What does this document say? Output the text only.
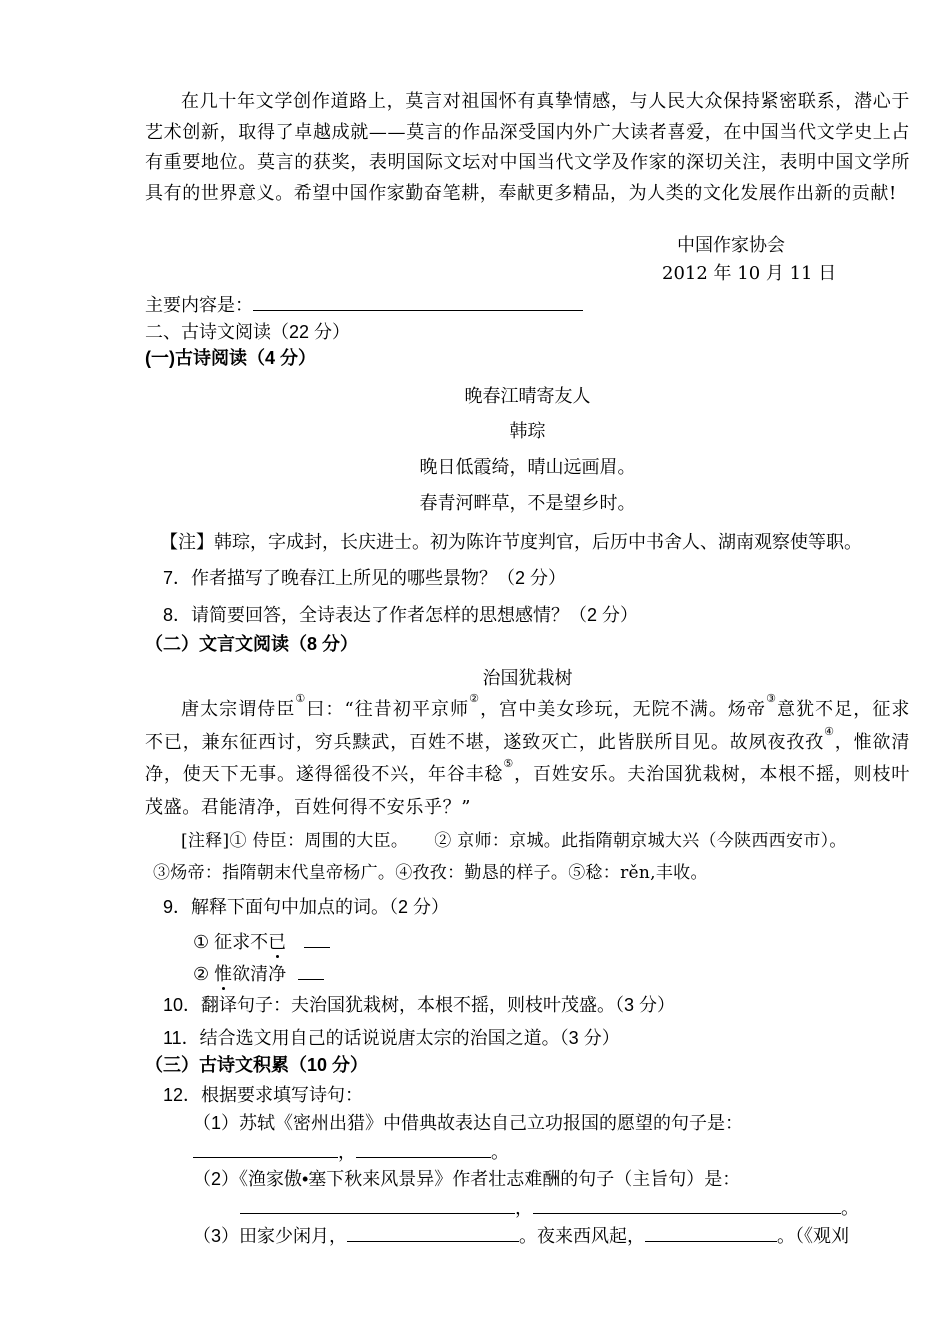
在几十年文学创作道路上，莫言对祖国怀有真挚情感，与人民大众保持紧密联系，潜心于艺术创新，取得了卓越成就——莫言的作品深受国内外广大读者喜爱，在中国当代文学史上占有重要地位。莫言的获奖，表明国际文坛对中国当代文学及作家的深切关注，表明中国文学所具有的世界意义。希望中国作家勤奋笔耕，奉献更多精品，为人类的文化发展作出新的贡献!
中国作家协会
2012 年 10 月 11 日
主要内容是：
二、古诗文阅读（22 分）
(一)古诗阅读（4 分）
晚春江晴寄友人
韩琮
晚日低霞绮，晴山远画眉。
春青河畔草，不是望乡时。
【注】韩琮，字成封，长庆进士。初为陈许节度判官，后历中书舍人、湖南观察使等职。
7．作者描写了晚春江上所见的哪些景物？（2 分）
8．请简要回答，全诗表达了作者怎样的思想感情？（2 分）
（二）文言文阅读（8 分）
治国犹栽树
唐太宗谓侍臣①曰：“往昔初平京师②，宫中美女珍玩，无院不满。炀帝③意犹不足，征求不已，兼东征西讨，穷兵黩武，百姓不堪，遂致灭亡，此皆朕所目见。故夙夜孜孜④，惟欲清净，使天下无事。遂得徭役不兴，年谷丰稔⑤，百姓安乐。夫治国犹栽树，本根不摇，则枝叶茂盛。君能清净，百姓何得不安乐乎？”
[注释]① 侍臣：周围的大臣。　　② 京师：京城。此指隋朝京城大兴（今陕西西安市）。
③炀帝：指隋朝末代皇帝杨广。④孜孜：勤恳的样子。⑤稔：rěn,丰收。
9．解释下面句中加点的词。（2 分）
① 征求不已
② 惟欲清净
10．翻译句子：夫治国犹栽树，本根不摇，则枝叶茂盛。（3 分）
11．结合选文用自己的话说说唐太宗的治国之道。（3 分）
（三）古诗文积累（10 分）
12．根据要求填写诗句：
（1）苏轼《密州出猎》中借典故表达自己立功报国的愿望的句子是：
，	。
（2）《渔家傲•塞下秋来风景异》作者壮志难酬的句子（主旨句）是：
，	。
（3）田家少闲月，	。夜来西风起，	。（《观刈
